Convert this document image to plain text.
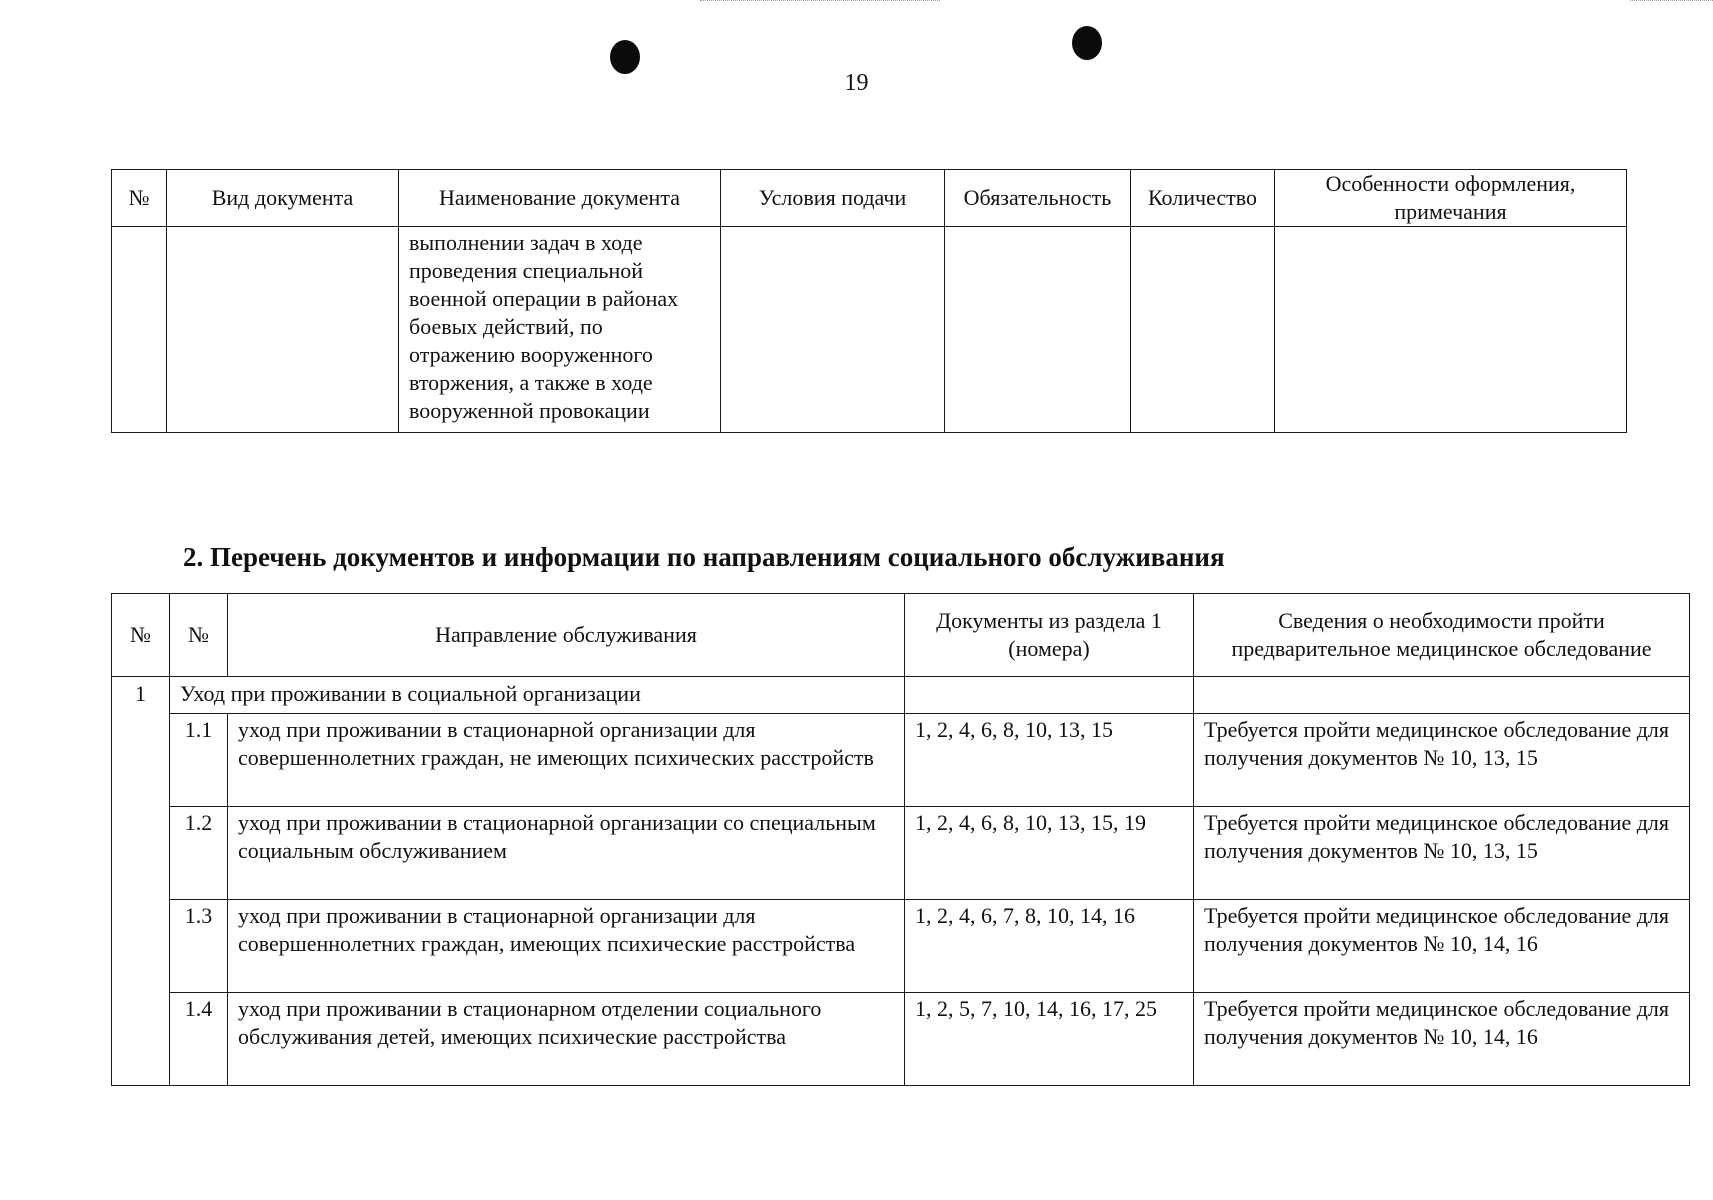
19
№	Вид документа	Наименование документа	Условия подачи	Обязательность	Количество	Особенности оформления, примечания
		выполнении задач в ходе проведения специальной военной операции в районах боевых действий, по отражению вооруженного вторжения, а также в ходе вооруженной провокации				
2. Перечень документов и информации по направлениям социального обслуживания
№	№	Направление обслуживания	Документы из раздела 1 (номера)	Сведения о необходимости пройти предварительное медицинское обследование
1	Уход при проживании в социальной организации			
	1.1	уход при проживании в стационарной организации для совершеннолетних граждан, не имеющих психических расстройств	1, 2, 4, 6, 8, 10, 13, 15	Требуется пройти медицинское обследование для получения документов № 10, 13, 15
	1.2	уход при проживании в стационарной организации со специальным социальным обслуживанием	1, 2, 4, 6, 8, 10, 13, 15, 19	Требуется пройти медицинское обследование для получения документов № 10, 13, 15
	1.3	уход при проживании в стационарной организации для совершеннолетних граждан, имеющих психические расстройства	1, 2, 4, 6, 7, 8, 10, 14, 16	Требуется пройти медицинское обследование для получения документов № 10, 14, 16
	1.4	уход при проживании в стационарном отделении социального обслуживания детей, имеющих психические расстройства	1, 2, 5, 7, 10, 14, 16, 17, 25	Требуется пройти медицинское обследование для получения документов № 10, 14, 16
